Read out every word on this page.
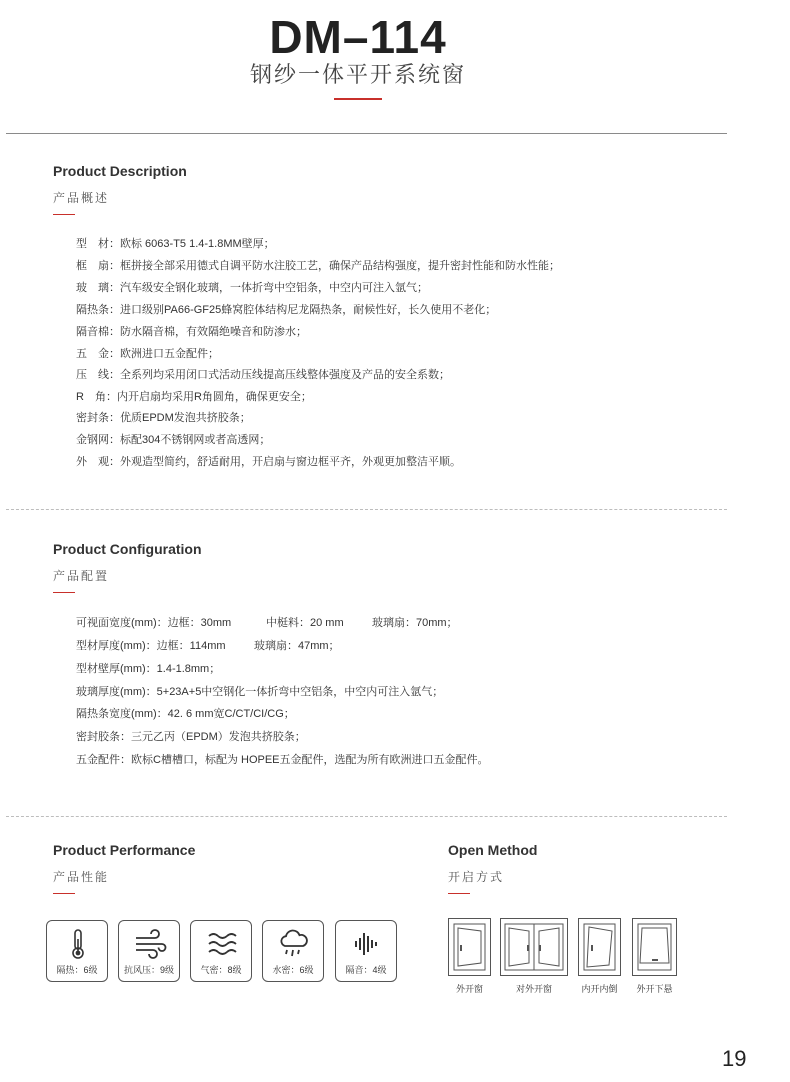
DM–114
钢纱一体平开系统窗
Product Description
产品概述
型　材：欧标 6063-T5 1.4-1.8MM壁厚；
框　扇：框拼接全部采用德式自调平防水注胶工艺，确保产品结构强度，提升密封性能和防水性能；
玻　璃：汽车级安全钢化玻璃，一体折弯中空铝条，中空内可注入氩气；
隔热条：进口级别PA66-GF25蜂窝腔体结构尼龙隔热条，耐候性好，长久使用不老化；
隔音棉：防水隔音棉，有效隔绝噪音和防渗水；
五　金：欧洲进口五金配件；
压　线：全系列均采用闭口式活动压线提高压线整体强度及产品的安全系数；
R　角：内开启扇均采用R角圆角，确保更安全；
密封条：优质EPDM发泡共挤胶条；
金钢网：标配304不锈钢网或者高透网；
外　观：外观造型简约，舒适耐用，开启扇与窗边框平齐，外观更加整洁平顺。
Product Configuration
产品配置
可视面宽度(mm)：边框：30mm	中梃料：20 mm	玻璃扇：70mm；
型材厚度(mm)：边框：114mm	玻璃扇：47mm；
型材壁厚(mm)：1.4-1.8mm；
玻璃厚度(mm)：5+23A+5中空钢化一体折弯中空铝条，中空内可注入氩气；
隔热条宽度(mm)：42. 6 mm宽C/CT/CI/CG；
密封胶条：三元乙丙（EPDM）发泡共挤胶条；
五金配件：欧标C槽槽口，标配为 HOPEE五金配件，选配为所有欧洲进口五金配件。
Product Performance
产品性能
隔热：6级	抗风压：9级	气密：8级	水密：6级	隔音：4级
Open Method
开启方式
外开窗	对外开窗	内开内倒	外开下悬
19
